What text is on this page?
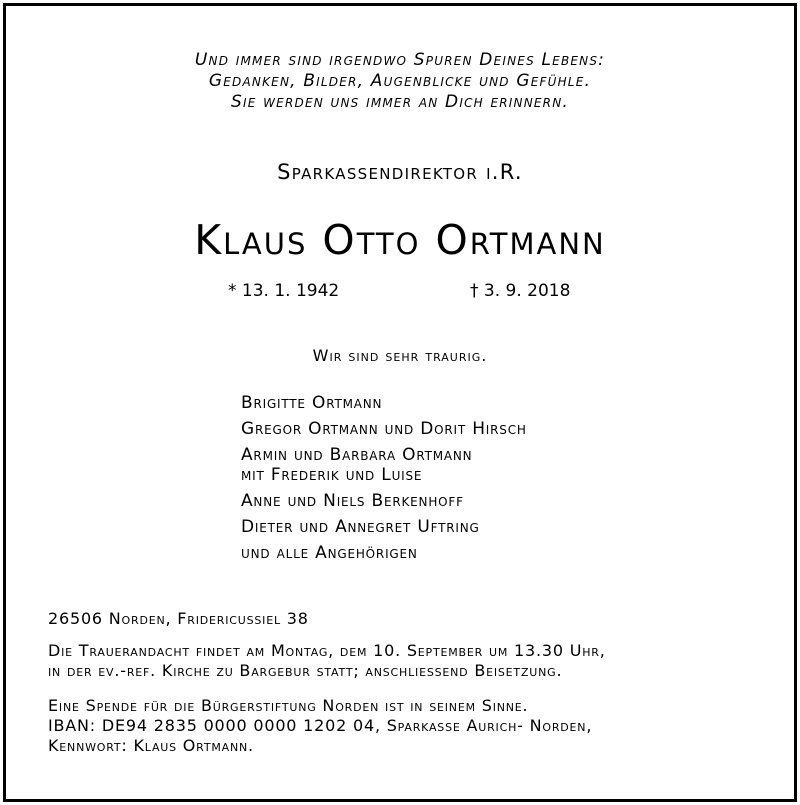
Und immer sind irgendwo Spuren Deines Lebens:
Gedanken, Bilder, Augenblicke und Gefühle.
Sie werden uns immer an Dich erinnern.
Sparkassendirektor i.R.
Klaus Otto Ortmann
* 13. 1. 1942	† 3. 9. 2018
Wir sind sehr traurig.
Brigitte Ortmann
Gregor Ortmann und Dorit Hirsch
Armin und Barbara Ortmann
mit Frederik und Luise
Anne und Niels Berkenhoff
Dieter und Annegret Uftring
und alle Angehörigen
26506 Norden, Fridericussiel 38
Die Trauerandacht findet am Montag, dem 10. September um 13.30 Uhr,
in der ev.-ref. Kirche zu Bargebur statt; anschliessend Beisetzung.
Eine Spende für die Bürgerstiftung Norden ist in seinem Sinne.
IBAN: DE94 2835 0000 0000 1202 04, Sparkasse Aurich- Norden,
Kennwort: Klaus Ortmann.
